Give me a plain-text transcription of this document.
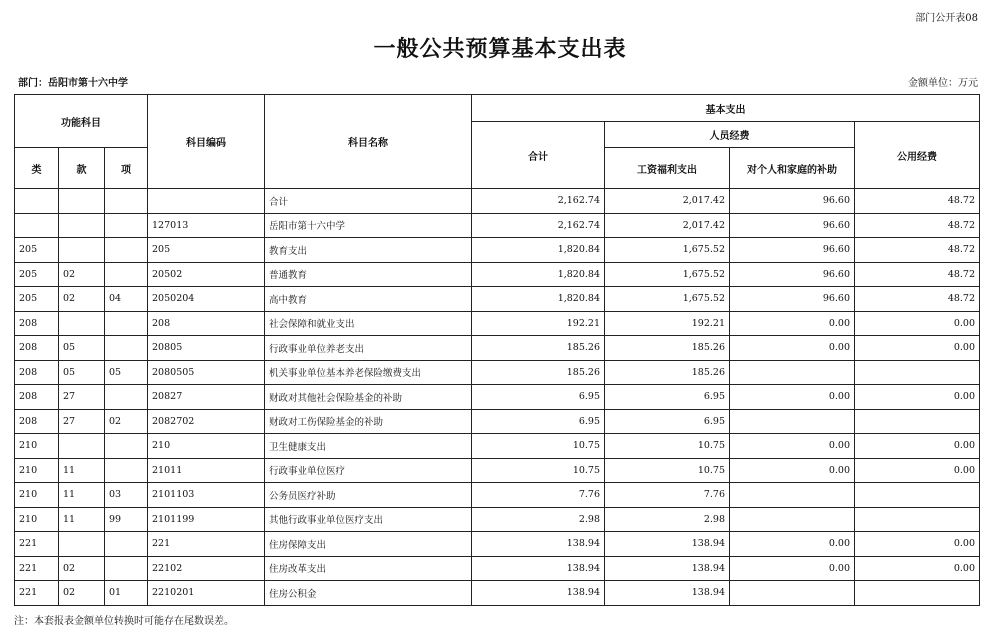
部门公开表08
一般公共预算基本支出表
部门：岳阳市第十六中学	金额单位：万元
功能科目			科目编码	科目名称	基本支出			
					合计	人员经费		公用经费
类	款	项				工资福利支出	对个人和家庭的补助	
				合计	2,162.74	2,017.42	96.60	48.72
			127013	岳阳市第十六中学	2,162.74	2,017.42	96.60	48.72
205			205	教育支出	1,820.84	1,675.52	96.60	48.72
205	02		20502	普通教育	1,820.84	1,675.52	96.60	48.72
205	02	04	2050204	高中教育	1,820.84	1,675.52	96.60	48.72
208			208	社会保障和就业支出	192.21	192.21	0.00	0.00
208	05		20805	行政事业单位养老支出	185.26	185.26	0.00	0.00
208	05	05	2080505	机关事业单位基本养老保险缴费支出	185.26	185.26		
208	27		20827	财政对其他社会保险基金的补助	6.95	6.95	0.00	0.00
208	27	02	2082702	财政对工伤保险基金的补助	6.95	6.95		
210			210	卫生健康支出	10.75	10.75	0.00	0.00
210	11		21011	行政事业单位医疗	10.75	10.75	0.00	0.00
210	11	03	2101103	公务员医疗补助	7.76	7.76		
210	11	99	2101199	其他行政事业单位医疗支出	2.98	2.98		
221			221	住房保障支出	138.94	138.94	0.00	0.00
221	02		22102	住房改革支出	138.94	138.94	0.00	0.00
221	02	01	2210201	住房公积金	138.94	138.94		
注：本套报表金额单位转换时可能存在尾数误差。
